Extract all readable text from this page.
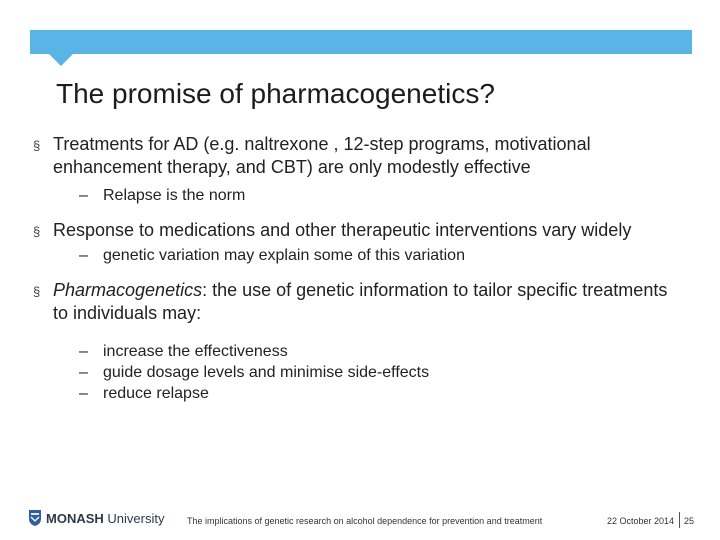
The promise of pharmacogenetics?
§ Treatments for AD (e.g. naltrexone , 12-step programs, motivational enhancement therapy, and CBT) are only modestly effective
– Relapse is the norm
§ Response to medications and other therapeutic interventions vary widely
– genetic variation may explain some of this variation
§ Pharmacogenetics: the use of genetic information to tailor specific treatments to individuals may:
– increase the effectiveness
– guide dosage levels and minimise side-effects
– reduce relapse
MONASH University	The implications of genetic research on alcohol dependence for prevention and treatment	22 October 2014 25
